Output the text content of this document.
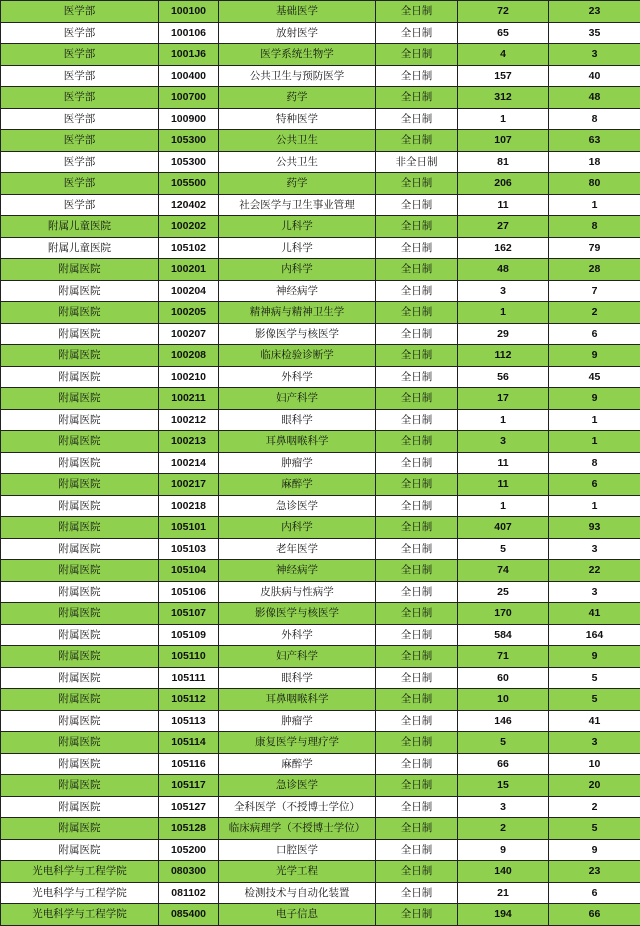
医学部	100100	基础医学	全日制	72	23
医学部	100106	放射医学	全日制	65	35
医学部	1001J6	医学系统生物学	全日制	4	3
医学部	100400	公共卫生与预防医学	全日制	157	40
医学部	100700	药学	全日制	312	48
医学部	100900	特种医学	全日制	1	8
医学部	105300	公共卫生	全日制	107	63
医学部	105300	公共卫生	非全日制	81	18
医学部	105500	药学	全日制	206	80
医学部	120402	社会医学与卫生事业管理	全日制	11	1
附属儿童医院	100202	儿科学	全日制	27	8
附属儿童医院	105102	儿科学	全日制	162	79
附属医院	100201	内科学	全日制	48	28
附属医院	100204	神经病学	全日制	3	7
附属医院	100205	精神病与精神卫生学	全日制	1	2
附属医院	100207	影像医学与核医学	全日制	29	6
附属医院	100208	临床检验诊断学	全日制	112	9
附属医院	100210	外科学	全日制	56	45
附属医院	100211	妇产科学	全日制	17	9
附属医院	100212	眼科学	全日制	1	1
附属医院	100213	耳鼻咽喉科学	全日制	3	1
附属医院	100214	肿瘤学	全日制	11	8
附属医院	100217	麻醉学	全日制	11	6
附属医院	100218	急诊医学	全日制	1	1
附属医院	105101	内科学	全日制	407	93
附属医院	105103	老年医学	全日制	5	3
附属医院	105104	神经病学	全日制	74	22
附属医院	105106	皮肤病与性病学	全日制	25	3
附属医院	105107	影像医学与核医学	全日制	170	41
附属医院	105109	外科学	全日制	584	164
附属医院	105110	妇产科学	全日制	71	9
附属医院	105111	眼科学	全日制	60	5
附属医院	105112	耳鼻咽喉科学	全日制	10	5
附属医院	105113	肿瘤学	全日制	146	41
附属医院	105114	康复医学与理疗学	全日制	5	3
附属医院	105116	麻醉学	全日制	66	10
附属医院	105117	急诊医学	全日制	15	20
附属医院	105127	全科医学（不授博士学位）	全日制	3	2
附属医院	105128	临床病理学（不授博士学位）	全日制	2	5
附属医院	105200	口腔医学	全日制	9	9
光电科学与工程学院	080300	光学工程	全日制	140	23
光电科学与工程学院	081102	检测技术与自动化装置	全日制	21	6
光电科学与工程学院	085400	电子信息	全日制	194	66
